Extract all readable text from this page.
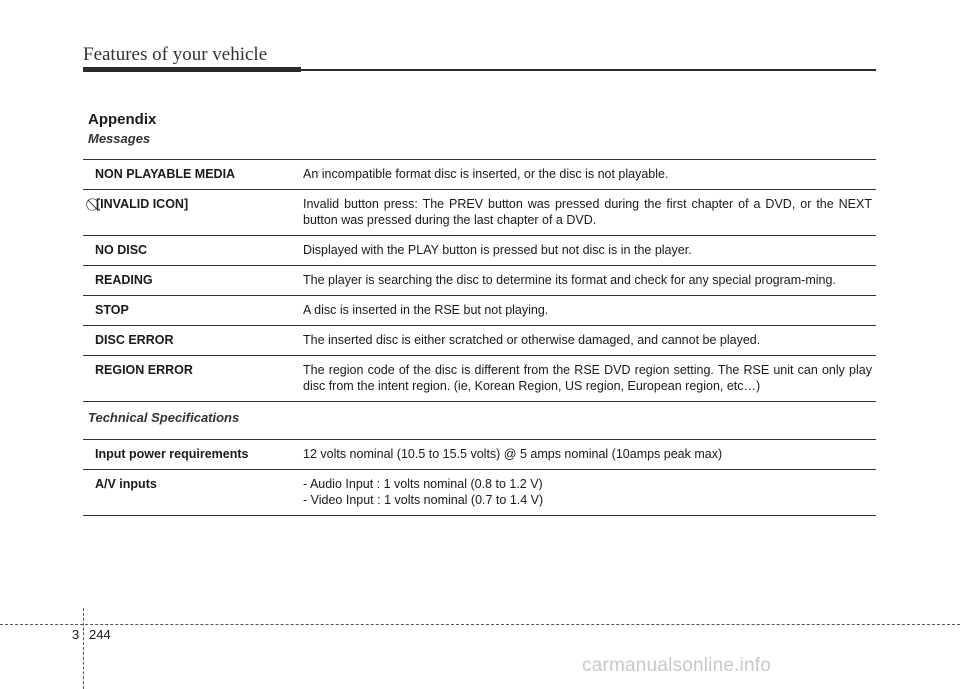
Features of your vehicle
Appendix
Messages
NON PLAYABLE MEDIA	An incompatible format disc is inserted, or the disc is not playable.
[INVALID ICON]	Invalid button press: The PREV button was pressed during the first chapter of a DVD, or the NEXT button was pressed during the last chapter of a DVD.
NO DISC	Displayed with the PLAY button is pressed but not disc is in the player.
READING	The player is searching the disc to determine its format and check for any special program-ming.
STOP	A disc is inserted in the RSE but not playing.
DISC ERROR	The inserted disc is either scratched or otherwise damaged, and cannot be played.
REGION ERROR	The region code of the disc is different from the RSE DVD region setting. The RSE unit can only play disc from the intent region. (ie, Korean Region, US region, European region, etc…)
Technical Specifications
Input power requirements	12 volts nominal (10.5 to 15.5 volts) @ 5 amps nominal (10amps peak max)
A/V inputs	- Audio Input : 1 volts nominal (0.8 to 1.2 V)
- Video Input : 1 volts nominal (0.7 to 1.4 V)
3 244
carmanualsonline.info
